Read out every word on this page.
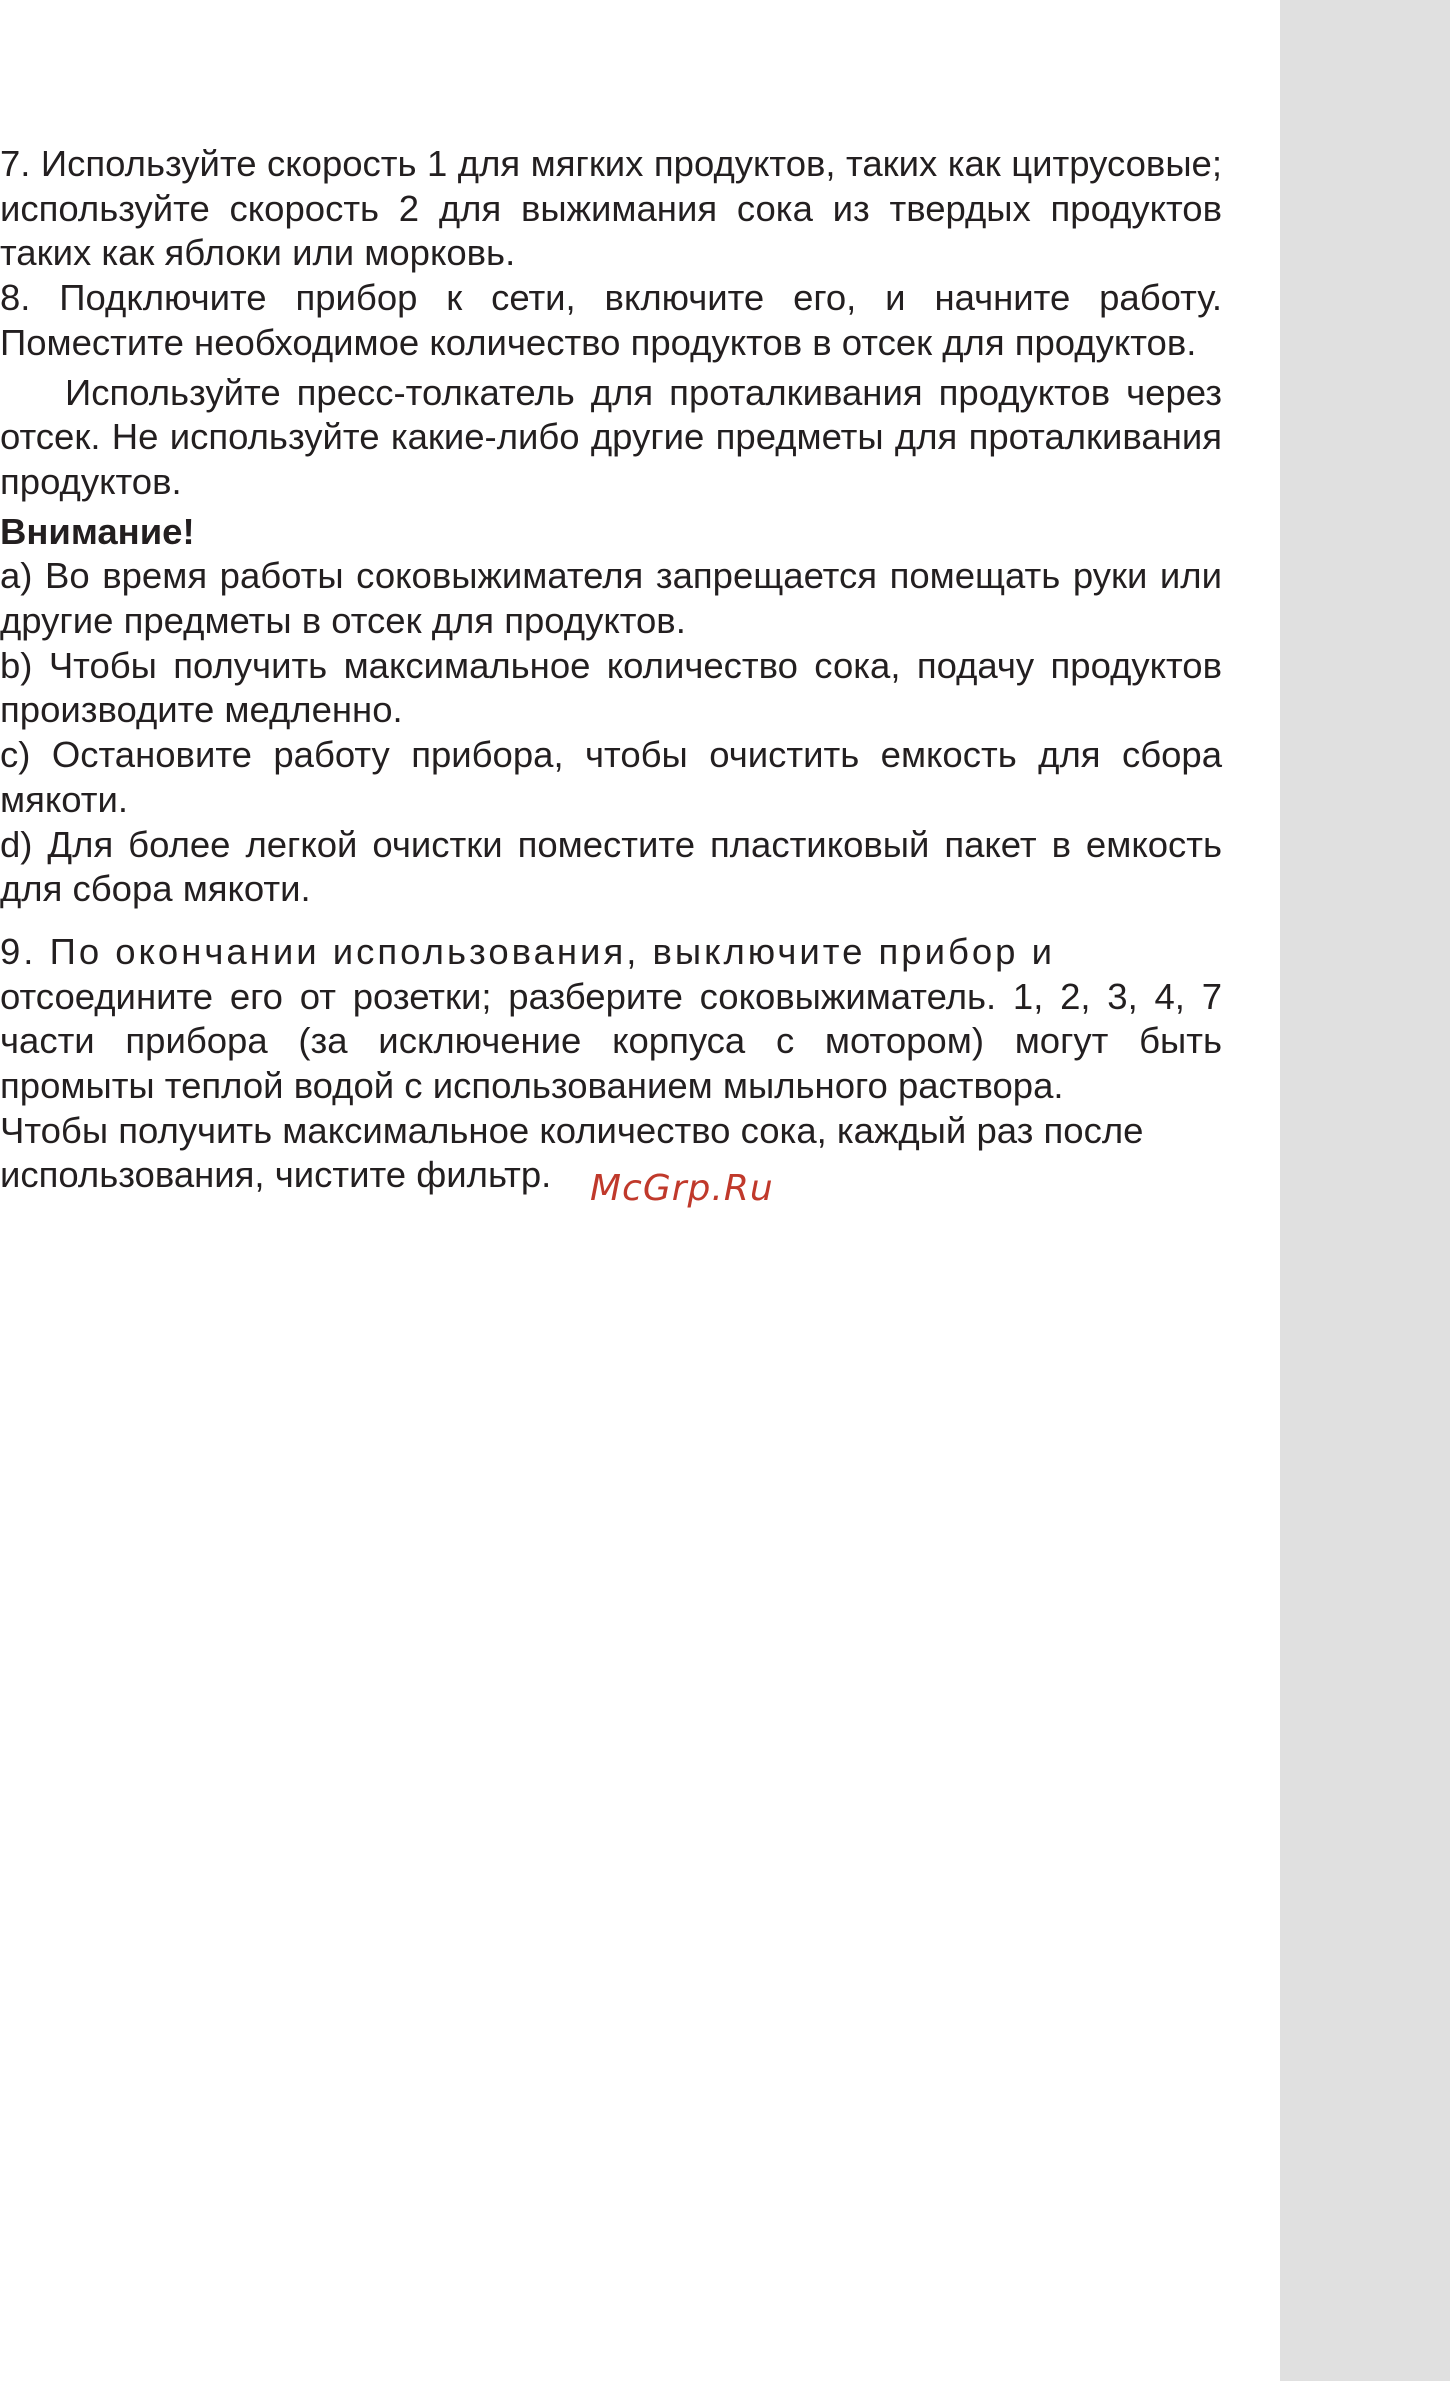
7. Используйте скорость 1 для мягких продуктов, таких как цитрусовые; используйте скорость 2 для выжимания сока из твердых продуктов таких как яблоки или морковь.

8. Подключите прибор к сети, включите его, и начните работу. Поместите необходимое количество продуктов в отсек для продуктов.

Используйте пресс-толкатель для проталкивания продуктов через отсек. Не используйте какие-либо другие предметы для проталкивания продуктов.

Внимание!

а) Во время работы соковыжимателя запрещается помещать руки или другие предметы в отсек для продуктов.

b) Чтобы получить максимальное количество сока, подачу продуктов производите медленно.

c) Остановите работу прибора, чтобы очистить емкость для сбора мякоти.

d) Для более легкой очистки поместите пластиковый пакет в емкость для сбора мякоти.

9. По окончании использования, выключите прибор и

отсоедините его от розетки; разберите соковыжиматель. 1, 2, 3, 4, 7 части прибора (за исключение корпуса с мотором) могут быть промыты теплой водой с использованием мыльного раствора.

Чтобы получить максимальное количество сока, каждый раз после использования, чистите фильтр.	McGrp.Ru
